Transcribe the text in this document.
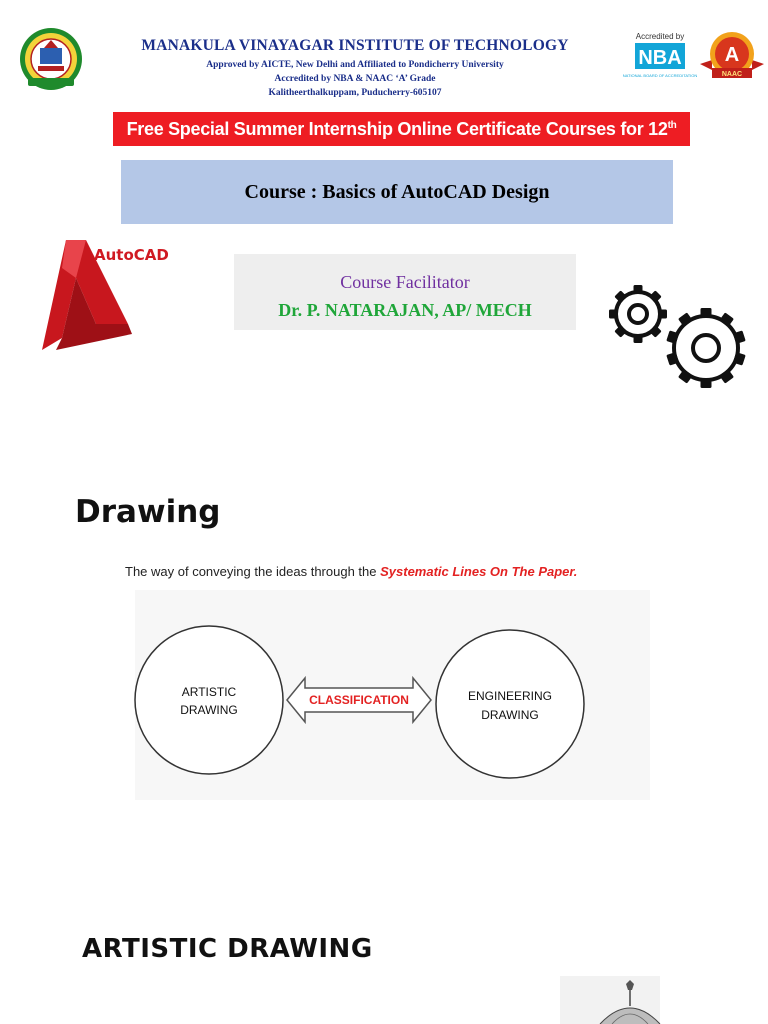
MANAKULA VINAYAGAR INSTITUTE OF TECHNOLOGY
Approved by AICTE, New Delhi and Affiliated to Pondicherry University
Accredited by NBA & NAAC ‘A’ Grade
Kalitheerthalkuppam, Puducherry-605107
Accredited by
NBA
NATIONAL BOARD OF ACCREDITATION
A
NAAC
Free Special Summer Internship Online Certificate Courses for 12th
Course : Basics of AutoCAD Design
AutoCAD
Course Facilitator
Dr. P. NATARAJAN, AP/ MECH
Drawing
The way of conveying the ideas through the Systematic Lines On The Paper.
ARTISTIC
DRAWING
ENGINEERING
DRAWING
CLASSIFICATION
ARTISTIC DRAWING
